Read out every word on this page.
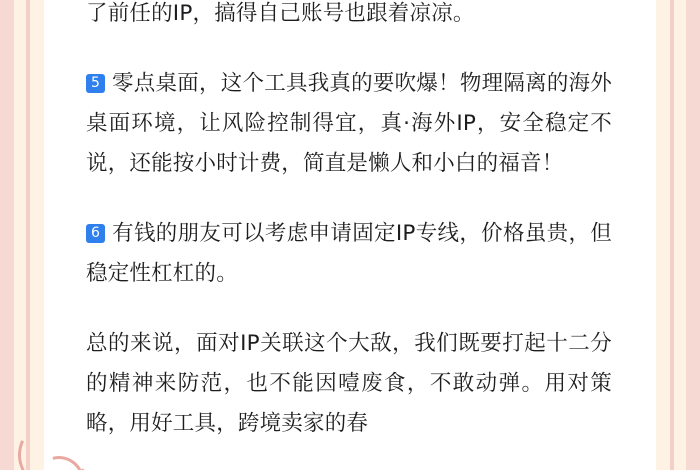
了前任的IP，搞得自己账号也跟着凉凉。

5 零点桌面，这个工具我真的要吹爆！物理隔离的海外桌面环境，让风险控制得宜，真·海外IP，安全稳定不说，还能按小时计费，简直是懒人和小白的福音！

6 有钱的朋友可以考虑申请固定IP专线，价格虽贵，但稳定性杠杠的。

总的来说，面对IP关联这个大敌，我们既要打起十二分的精神来防范，也不能因噎废食，不敢动弹。用对策略，用好工具，跨境卖家的春
